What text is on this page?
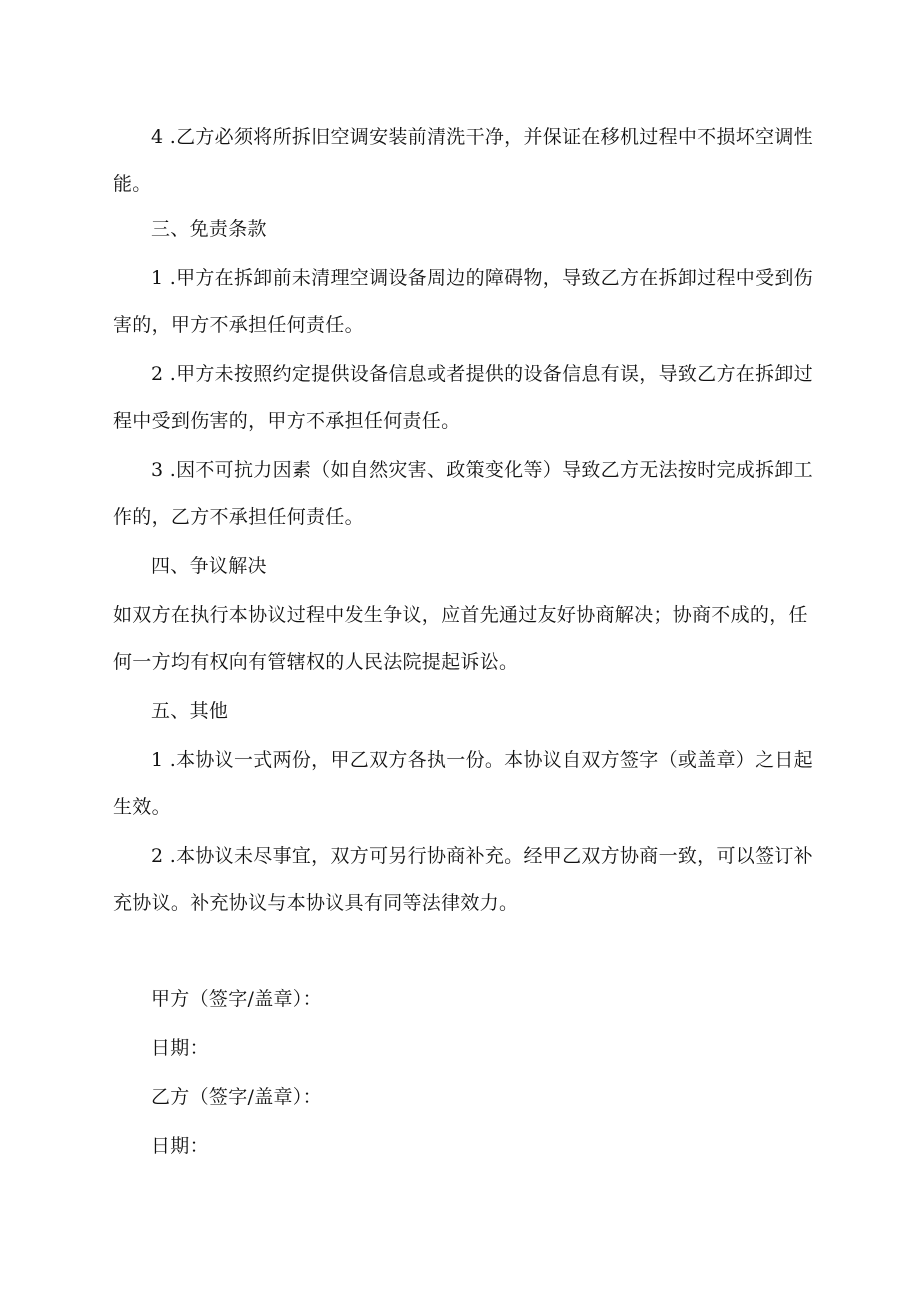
4 .乙方必须将所拆旧空调安装前清洗干净，并保证在移机过程中不损坏空调性能。

三、免责条款

1 .甲方在拆卸前未清理空调设备周边的障碍物，导致乙方在拆卸过程中受到伤害的，甲方不承担任何责任。

2 .甲方未按照约定提供设备信息或者提供的设备信息有误，导致乙方在拆卸过程中受到伤害的，甲方不承担任何责任。

3 .因不可抗力因素（如自然灾害、政策变化等）导致乙方无法按时完成拆卸工作的，乙方不承担任何责任。

四、争议解决

如双方在执行本协议过程中发生争议，应首先通过友好协商解决；协商不成的，任何一方均有权向有管辖权的人民法院提起诉讼。

五、其他

1 .本协议一式两份，甲乙双方各执一份。本协议自双方签字（或盖章）之日起生效。

2 .本协议未尽事宜，双方可另行协商补充。经甲乙双方协商一致，可以签订补充协议。补充协议与本协议具有同等法律效力。

甲方（签字/盖章）：

日期：

乙方（签字/盖章）：

日期：
